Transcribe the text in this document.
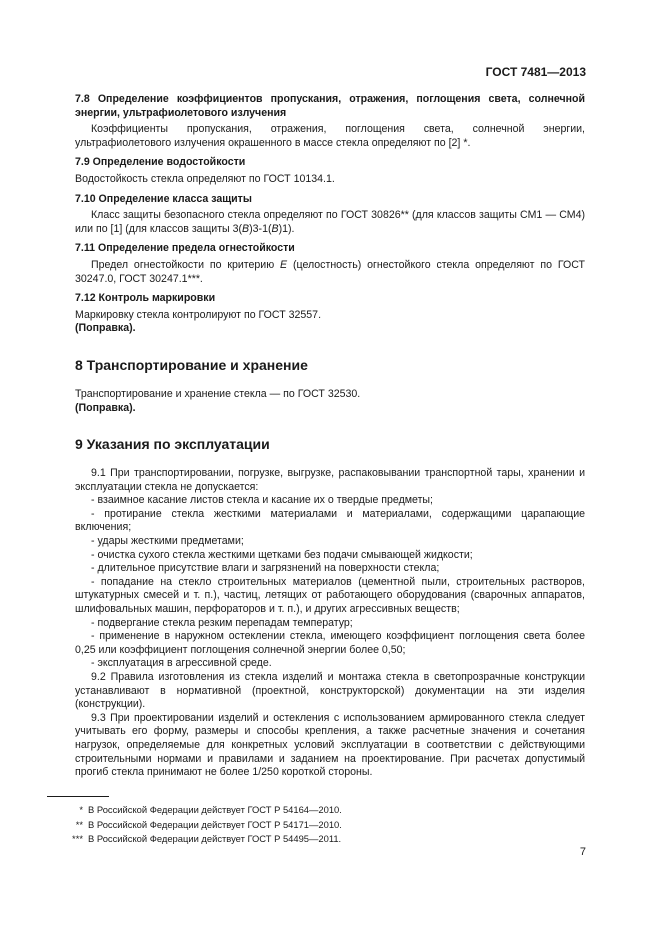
ГОСТ 7481—2013

7.8 Определение коэффициентов пропускания, отражения, поглощения света, солнечной энергии, ультрафиолетового излучения

Коэффициенты пропускания, отражения, поглощения света, солнечной энергии, ультрафиолетового излучения окрашенного в массе стекла определяют по [2] *.

7.9 Определение водостойкости

Водостойкость стекла определяют по ГОСТ 10134.1.

7.10 Определение класса защиты

Класс защиты безопасного стекла определяют по ГОСТ 30826** (для классов защиты СМ1 — СМ4) или по [1] (для классов защиты 3(В)3-1(В)1).

7.11 Определение предела огнестойкости

Предел огнестойкости по критерию Е (целостность) огнестойкого стекла определяют по ГОСТ 30247.0, ГОСТ 30247.1***.

7.12 Контроль маркировки

Маркировку стекла контролируют по ГОСТ 32557.

(Поправка).

8 Транспортирование и хранение

Транспортирование и хранение стекла — по ГОСТ 32530.

(Поправка).

9 Указания по эксплуатации

9.1 При транспортировании, погрузке, выгрузке, распаковывании транспортной тары, хранении и эксплуатации стекла не допускается:

- взаимное касание листов стекла и касание их о твердые предметы;
- протирание стекла жесткими материалами и материалами, содержащими царапающие включения;
- удары жесткими предметами;
- очистка сухого стекла жесткими щетками без подачи смывающей жидкости;
- длительное присутствие влаги и загрязнений на поверхности стекла;
- попадание на стекло строительных материалов (цементной пыли, строительных растворов, штукатурных смесей и т. п.), частиц, летящих от работающего оборудования (сварочных аппаратов, шлифовальных машин, перфораторов и т. п.), и других агрессивных веществ;
- подвергание стекла резким перепадам температур;
- применение в наружном остеклении стекла, имеющего коэффициент поглощения света более 0,25 или коэффициент поглощения солнечной энергии более 0,50;
- эксплуатация в агрессивной среде.

9.2 Правила изготовления из стекла изделий и монтажа стекла в светопрозрачные конструкции устанавливают в нормативной (проектной, конструкторской) документации на эти изделия (конструкции).

9.3 При проектировании изделий и остекления с использованием армированного стекла следует учитывать его форму, размеры и способы крепления, а также расчетные значения и сочетания нагрузок, определяемые для конкретных условий эксплуатации в соответствии с действующими строительными нормами и правилами и заданием на проектирование. При расчетах допустимый прогиб стекла принимают не более 1/250 короткой стороны.

* В Российской Федерации действует ГОСТ Р 54164—2010.
** В Российской Федерации действует ГОСТ Р 54171—2010.
*** В Российской Федерации действует ГОСТ Р 54495—2011.
7
